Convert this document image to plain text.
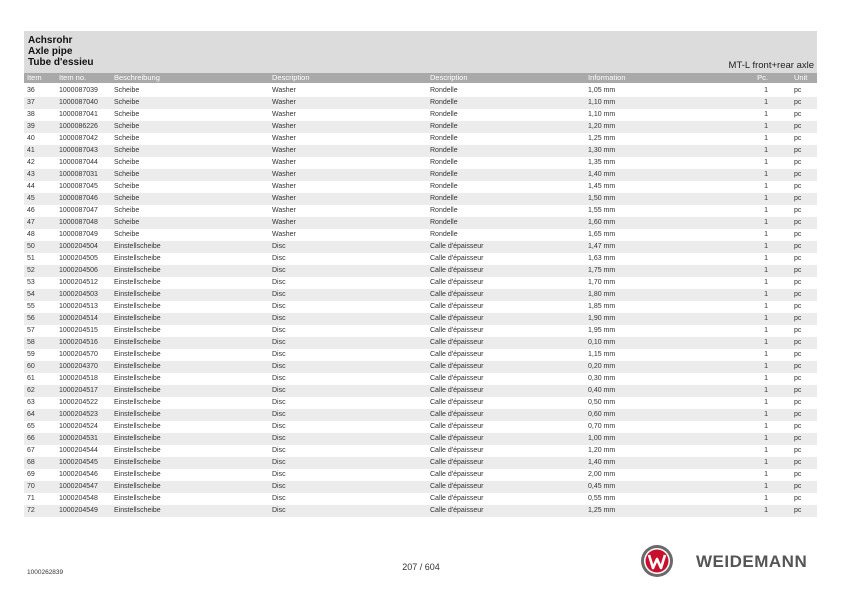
Achsrohr
Axle pipe
Tube d'essieu	MT-L front+rear axle
Item Item no.	Beschreibung	Description	Description	Information	Pc.	Unit
36	1000087039 Scheibe	Washer	Rondelle	1,05 mm	1	pc
37	1000087040 Scheibe	Washer	Rondelle	1,10 mm	1	pc
38	1000087041 Scheibe	Washer	Rondelle	1,10 mm	1	pc
39	1000086226 Scheibe	Washer	Rondelle	1,20 mm	1	pc
40	1000087042 Scheibe	Washer	Rondelle	1,25 mm	1	pc
41	1000087043 Scheibe	Washer	Rondelle	1,30 mm	1	pc
42	1000087044 Scheibe	Washer	Rondelle	1,35 mm	1	pc
43	1000087031 Scheibe	Washer	Rondelle	1,40 mm	1	pc
44	1000087045 Scheibe	Washer	Rondelle	1,45 mm	1	pc
45	1000087046 Scheibe	Washer	Rondelle	1,50 mm	1	pc
46	1000087047 Scheibe	Washer	Rondelle	1,55 mm	1	pc
47	1000087048 Scheibe	Washer	Rondelle	1,60 mm	1	pc
48	1000087049 Scheibe	Washer	Rondelle	1,65 mm	1	pc
50	1000204504 Einstellscheibe	Disc	Calle d'épaisseur	1,47 mm	1	pc
51	1000204505 Einstellscheibe	Disc	Calle d'épaisseur	1,63 mm	1	pc
52	1000204506 Einstellscheibe	Disc	Calle d'épaisseur	1,75 mm	1	pc
53	1000204512 Einstellscheibe	Disc	Calle d'épaisseur	1,70 mm	1	pc
54	1000204503 Einstellscheibe	Disc	Calle d'épaisseur	1,80 mm	1	pc
55	1000204513 Einstellscheibe	Disc	Calle d'épaisseur	1,85 mm	1	pc
56	1000204514 Einstellscheibe	Disc	Calle d'épaisseur	1,90 mm	1	pc
57	1000204515 Einstellscheibe	Disc	Calle d'épaisseur	1,95 mm	1	pc
58	1000204516 Einstellscheibe	Disc	Calle d'épaisseur	0,10 mm	1	pc
59	1000204570 Einstellscheibe	Disc	Calle d'épaisseur	1,15 mm	1	pc
60	1000204370 Einstellscheibe	Disc	Calle d'épaisseur	0,20 mm	1	pc
61	1000204518 Einstellscheibe	Disc	Calle d'épaisseur	0,30 mm	1	pc
62	1000204517 Einstellscheibe	Disc	Calle d'épaisseur	0,40 mm	1	pc
63	1000204522 Einstellscheibe	Disc	Calle d'épaisseur	0,50 mm	1	pc
64	1000204523 Einstellscheibe	Disc	Calle d'épaisseur	0,60 mm	1	pc
65	1000204524 Einstellscheibe	Disc	Calle d'épaisseur	0,70 mm	1	pc
66	1000204531 Einstellscheibe	Disc	Calle d'épaisseur	1,00 mm	1	pc
67	1000204544 Einstellscheibe	Disc	Calle d'épaisseur	1,20 mm	1	pc
68	1000204545 Einstellscheibe	Disc	Calle d'épaisseur	1,40 mm	1	pc
69	1000204546 Einstellscheibe	Disc	Calle d'épaisseur	2,00 mm	1	pc
70	1000204547 Einstellscheibe	Disc	Calle d'épaisseur	0,45 mm	1	pc
71	1000204548 Einstellscheibe	Disc	Calle d'épaisseur	0,55 mm	1	pc
72	1000204549 Einstellscheibe	Disc	Calle d'épaisseur	1,25 mm	1	pc
1000262839
207 / 604	WEIDEMANN
